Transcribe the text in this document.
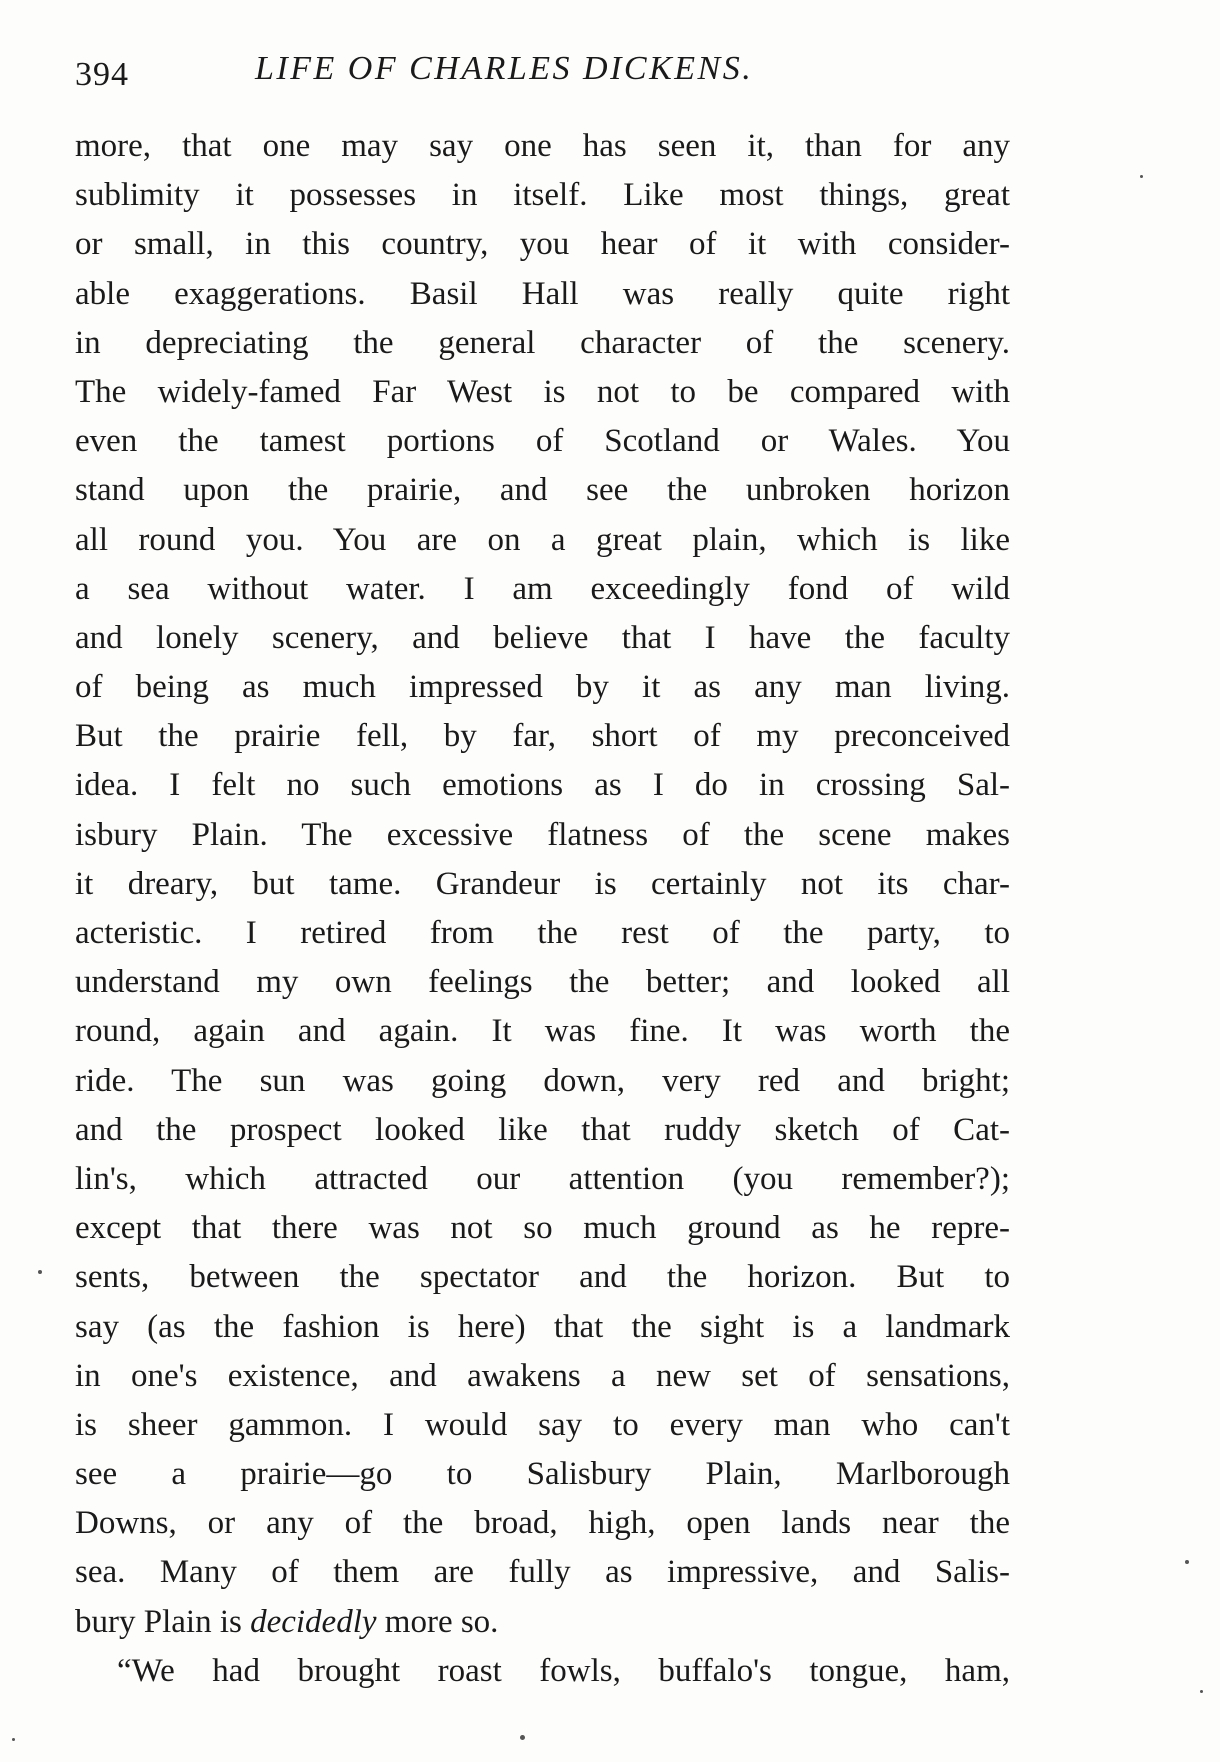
394	LIFE OF CHARLES DICKENS.
more, that one may say one has seen it, than for any
sublimity it possesses in itself. Like most things, great
or small, in this country, you hear of it with consider-
able exaggerations. Basil Hall was really quite right
in depreciating the general character of the scenery.
The widely-famed Far West is not to be compared with
even the tamest portions of Scotland or Wales. You
stand upon the prairie, and see the unbroken horizon
all round you. You are on a great plain, which is like
a sea without water. I am exceedingly fond of wild
and lonely scenery, and believe that I have the faculty
of being as much impressed by it as any man living.
But the prairie fell, by far, short of my preconceived
idea. I felt no such emotions as I do in crossing Sal-
isbury Plain. The excessive flatness of the scene makes
it dreary, but tame. Grandeur is certainly not its char-
acteristic. I retired from the rest of the party, to
understand my own feelings the better; and looked all
round, again and again. It was fine. It was worth the
ride. The sun was going down, very red and bright;
and the prospect looked like that ruddy sketch of Cat-
lin's, which attracted our attention (you remember?);
except that there was not so much ground as he repre-
sents, between the spectator and the horizon. But to
say (as the fashion is here) that the sight is a landmark
in one's existence, and awakens a new set of sensations,
is sheer gammon. I would say to every man who can't
see a prairie—go to Salisbury Plain, Marlborough
Downs, or any of the broad, high, open lands near the
sea. Many of them are fully as impressive, and Salis-
bury Plain is decidedly more so.
“We had brought roast fowls, buffalo's tongue, ham,
